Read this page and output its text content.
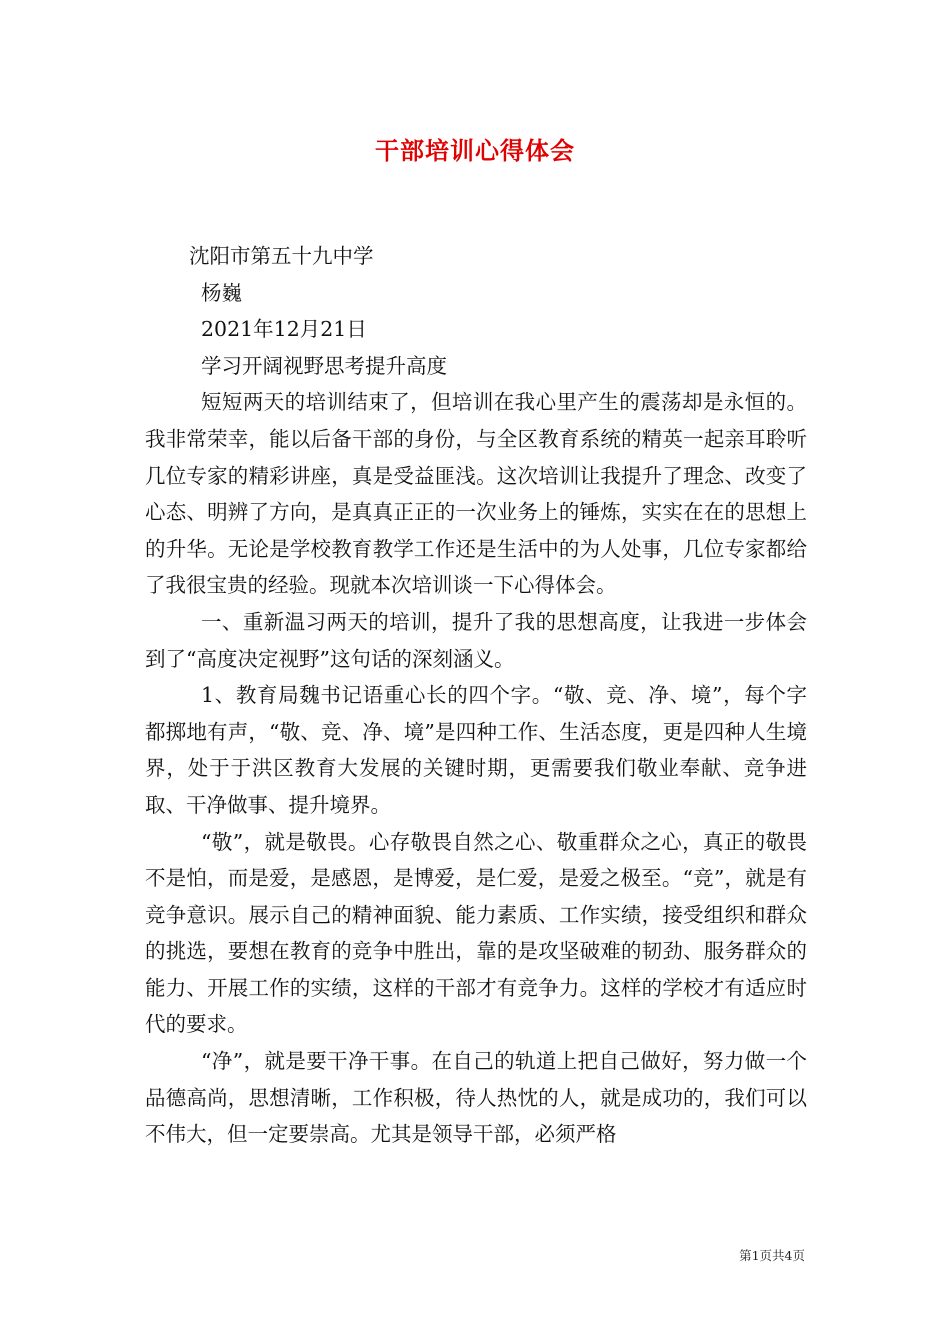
干部培训心得体会

沈阳市第五十九中学

杨巍

2021年12月21日

学习开阔视野思考提升高度

短短两天的培训结束了，但培训在我心里产生的震荡却是永恒的。我非常荣幸，能以后备干部的身份，与全区教育系统的精英一起亲耳聆听几位专家的精彩讲座，真是受益匪浅。这次培训让我提升了理念、改变了心态、明辨了方向，是真真正正的一次业务上的锤炼，实实在在的思想上的升华。无论是学校教育教学工作还是生活中的为人处事，几位专家都给了我很宝贵的经验。现就本次培训谈一下心得体会。

一、重新温习两天的培训，提升了我的思想高度，让我进一步体会到了“高度决定视野”这句话的深刻涵义。

1、教育局魏书记语重心长的四个字。“敬、竞、净、境”，每个字都掷地有声，“敬、竞、净、境”是四种工作、生活态度，更是四种人生境界，处于于洪区教育大发展的关键时期，更需要我们敬业奉献、竞争进取、干净做事、提升境界。

“敬”，就是敬畏。心存敬畏自然之心、敬重群众之心，真正的敬畏不是怕，而是爱，是感恩，是博爱，是仁爱，是爱之极至。“竞”，就是有竞争意识。展示自己的精神面貌、能力素质、工作实绩，接受组织和群众的挑选，要想在教育的竞争中胜出，靠的是攻坚破难的韧劲、服务群众的能力、开展工作的实绩，这样的干部才有竞争力。这样的学校才有适应时代的要求。

“净”，就是要干净干事。在自己的轨道上把自己做好，努力做一个品德高尚，思想清晰，工作积极，待人热忱的人，就是成功的，我们可以不伟大，但一定要崇高。尤其是领导干部，必须严格

第1页共4页
